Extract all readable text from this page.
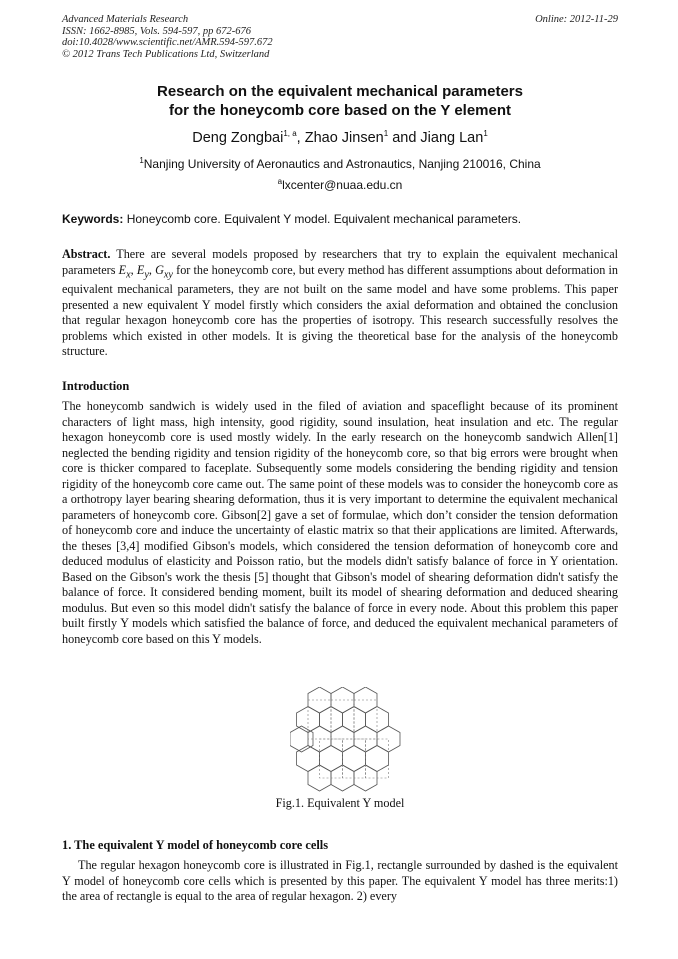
Advanced Materials Research
ISSN: 1662-8985, Vols. 594-597, pp 672-676
doi:10.4028/www.scientific.net/AMR.594-597.672
© 2012 Trans Tech Publications Ltd, Switzerland
Online: 2012-11-29
Research on the equivalent mechanical parameters
for the honeycomb core based on the Y element
Deng Zongbai$^{1, a}$, Zhao Jinsen$^1$ and Jiang Lan$^1$
$^1$Nanjing University of Aeronautics and Astronautics, Nanjing 210016, China
$^a$lxcenter@nuaa.edu.cn
Keywords: Honeycomb core. Equivalent Y model. Equivalent mechanical parameters.
Abstract. There are several models proposed by researchers that try to explain the equivalent mechanical parameters $E_x$, $E_y$, $G_{xy}$ for the honeycomb core, but every method has different assumptions about deformation in equivalent mechanical parameters, they are not built on the same model and have some problems. This paper presented a new equivalent Y model firstly which considers the axial deformation and obtained the conclusion that regular hexagon honeycomb core has the properties of isotropy. This research successfully resolves the problems which existed in other models. It is giving the theoretical base for the analysis of the honeycomb structure.
Introduction
The honeycomb sandwich is widely used in the filed of aviation and spaceflight because of its prominent characters of light mass, high intensity, good rigidity, sound insulation, heat insulation and etc. The regular hexagon honeycomb core is used mostly widely. In the early research on the honeycomb sandwich Allen[1] neglected the bending rigidity and tension rigidity of the honeycomb core, so that big errors were brought when core is thicker compared to faceplate. Subsequently some models considering the bending rigidity and tension rigidity of the honeycomb core came out. The same point of these models was to consider the honeycomb core as a orthotropy layer bearing shearing deformation, thus it is very important to determine the equivalent mechanical parameters of honeycomb core. Gibson[2] gave a set of formulae, which don’t consider the tension deformation of honeycomb core and induce the uncertainty of elastic matrix so that their applications are limited. Afterwards, the theses [3,4] modified Gibson's models, which considered the tension deformation of honeycomb core and deduced modulus of elasticity and Poisson ratio, but the models didn't satisfy balance of force in Y orientation. Based on the Gibson's work the thesis [5] thought that Gibson's model of shearing deformation didn't satisfy the balance of force. It considered bending moment, built its model of shearing deformation and deduced shearing modulus. But even so this model didn't satisfy the balance of force in every node. About this problem this paper built firstly Y models which satisfied the balance of force, and deduced the equivalent mechanical parameters of honeycomb core based on this Y models.
Fig.1. Equivalent Y model
1. The equivalent Y model of honeycomb core cells
The regular hexagon honeycomb core is illustrated in Fig.1, rectangle surrounded by dashed is the equivalent Y model of honeycomb core cells which is presented by this paper. The equivalent Y model has three merits:1) the area of rectangle is equal to the area of regular hexagon. 2) every
